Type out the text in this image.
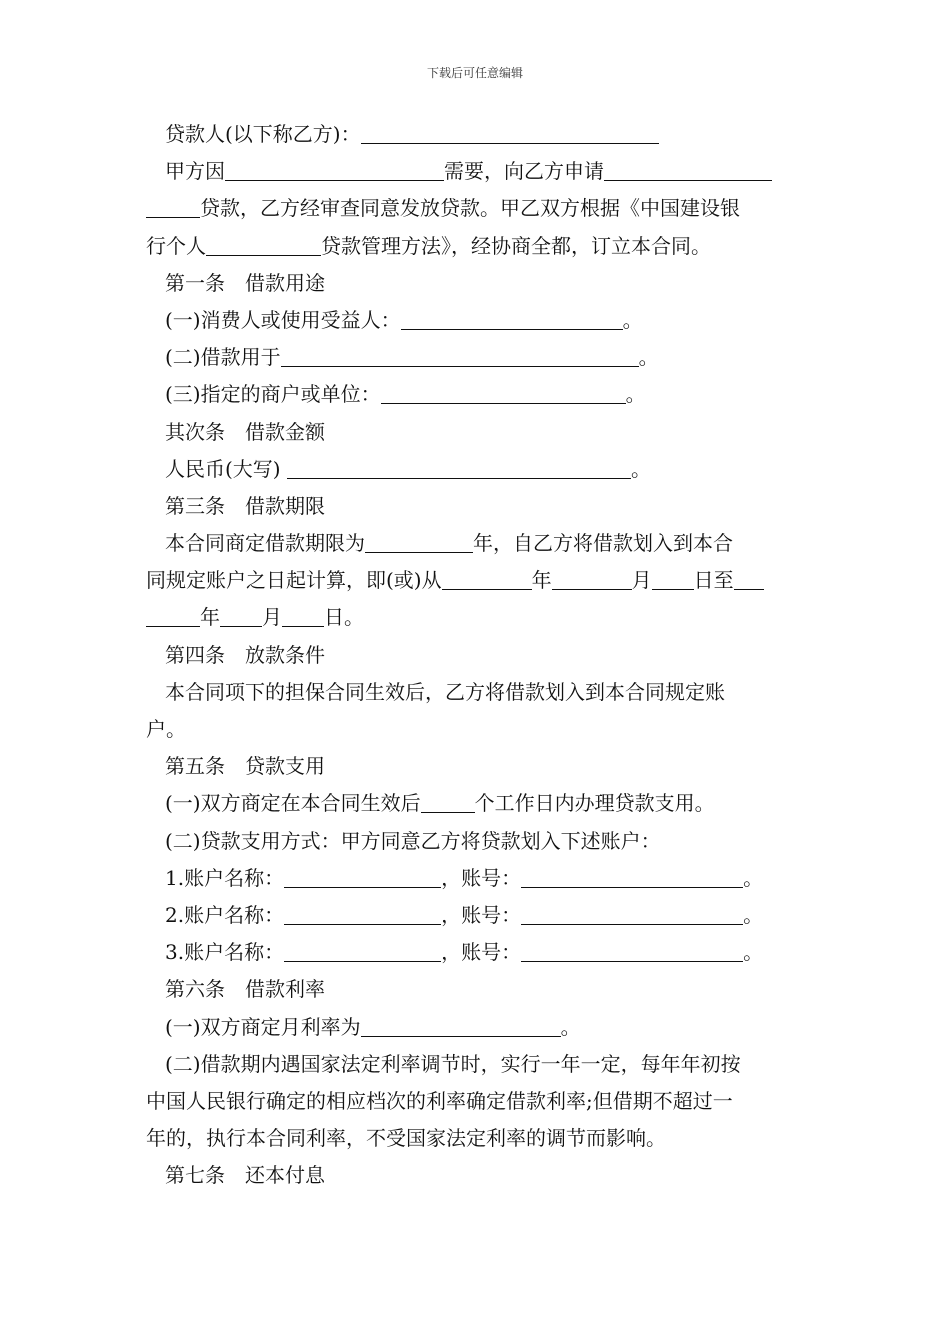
下载后可任意编辑
贷款人(以下称乙方)：
甲方因	需要，向乙方申请
贷款，乙方经审查同意发放贷款。甲乙双方根据《中国建设银
行个人	贷款管理方法》，经协商全都，订立本合同。
第一条　借款用途
(一)消费人或使用受益人：	。
(二)借款用于	。
(三)指定的商户或单位：	。
其次条　借款金额
人民币(大写)	。
第三条　借款期限
本合同商定借款期限为	年，自乙方将借款划入到本合
同规定账户之日起计算，即(或)从	年	月 日至
年 月 日。
第四条　放款条件
本合同项下的担保合同生效后，乙方将借款划入到本合同规定账
户。
第五条　贷款支用
(一)双方商定在本合同生效后	个工作日内办理贷款支用。
(二)贷款支用方式：甲方同意乙方将贷款划入下述账户：
1.账户名称：	，账号：	。
2.账户名称：	，账号：	。
3.账户名称：	，账号：	。
第六条　借款利率
(一)双方商定月利率为	。
(二)借款期内遇国家法定利率调节时，实行一年一定，每年年初按
中国人民银行确定的相应档次的利率确定借款利率;但借期不超过一
年的，执行本合同利率，不受国家法定利率的调节而影响。
第七条　还本付息
